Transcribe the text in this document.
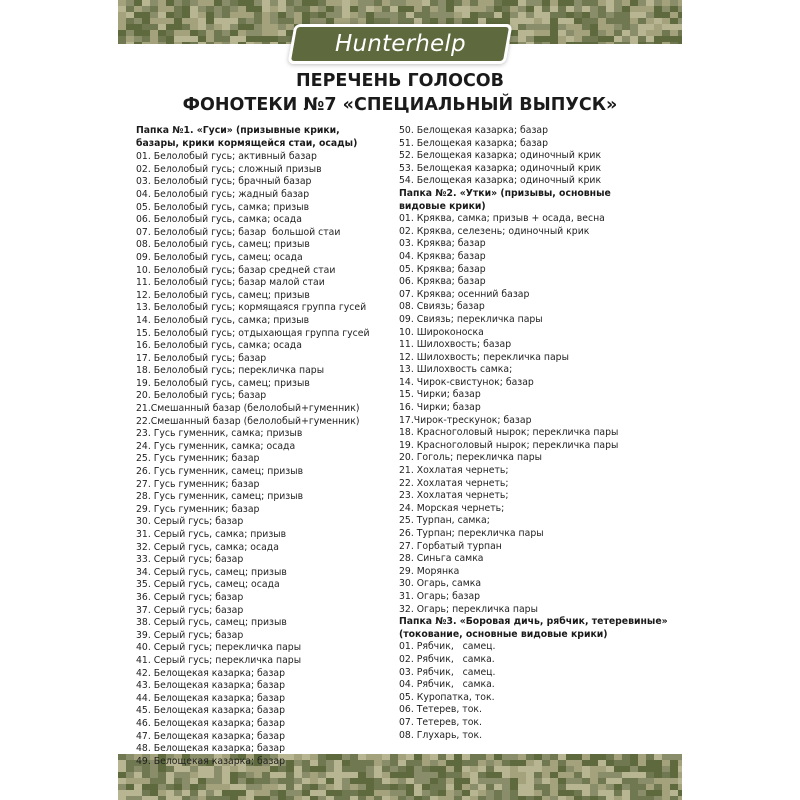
Hunterhelp
ПЕРЕЧЕНЬ ГОЛОСОВ
ФОНОТЕКИ №7 «СПЕЦИАЛЬНЫЙ ВЫПУСК»
Папка №1. «Гуси» (призывные крики,
базары, крики кормящейся стаи, осады)
01. Белолобый гусь; активный базар
02. Белолобый гусь; сложный призыв
03. Белолобый гусь; брачный базар
04. Белолобый гусь; жадный базар
05. Белолобый гусь, самка; призыв
06. Белолобый гусь, самка; осада
07. Белолобый гусь; базар  большой стаи
08. Белолобый гусь, самец; призыв
09. Белолобый гусь, самец; осада
10. Белолобый гусь; базар средней стаи
11. Белолобый гусь; базар малой стаи
12. Белолобый гусь, самец; призыв
13. Белолобый гусь; кормящаяся группа гусей
14. Белолобый гусь, самка; призыв
15. Белолобый гусь; отдыхающая группа гусей
16. Белолобый гусь, самка; осада
17. Белолобый гусь; базар
18. Белолобый гусь; перекличка пары
19. Белолобый гусь, самец; призыв
20. Белолобый гусь; базар
21.Смешанный базар (белолобый+гуменник)
22.Смешанный базар (белолобый+гуменник)
23. Гусь гуменник, самка; призыв
24. Гусь гуменник, самка; осада
25. Гусь гуменник; базар
26. Гусь гуменник, самец; призыв
27. Гусь гуменник; базар
28. Гусь гуменник, самец; призыв
29. Гусь гуменник; базар
30. Серый гусь; базар
31. Серый гусь, самка; призыв
32. Серый гусь, самка; осада
33. Серый гусь; базар
34. Серый гусь, самец; призыв
35. Серый гусь, самец; осада
36. Серый гусь; базар
37. Серый гусь; базар
38. Серый гусь, самец; призыв
39. Серый гусь; базар
40. Серый гусь; перекличка пары
41. Серый гусь; перекличка пары
42. Белощекая казарка; базар
43. Белощекая казарка; базар
44. Белощекая казарка; базар
45. Белощекая казарка; базар
46. Белощекая казарка; базар
47. Белощекая казарка; базар
48. Белощекая казарка; базар
49. Белощекая казарка; базар
50. Белощекая казарка; базар
51. Белощекая казарка; базар
52. Белощекая казарка; одиночный крик
53. Белощекая казарка; одиночный крик
54. Белощекая казарка; одиночный крик
Папка №2. «Утки» (призывы, основные
видовые крики)
01. Кряква, самка; призыв + осада, весна
02. Кряква, селезень; одиночный крик
03. Кряква; базар
04. Кряква; базар
05. Кряква; базар
06. Кряква; базар
07. Кряква; осенний базар
08. Свиязь; базар
09. Свиязь; перекличка пары
10. Широконоска
11. Шилохвость; базар
12. Шилохвость; перекличка пары
13. Шилохвость самка;
14. Чирок-свистунок; базар
15. Чирки; базар
16. Чирки; базар
17.Чирок-трескунок; базар
18. Красноголовый нырок; перекличка пары
19. Красноголовый нырок; перекличка пары
20. Гоголь; перекличка пары
21. Хохлатая чернеть;
22. Хохлатая чернеть;
23. Хохлатая чернеть;
24. Морская чернеть;
25. Турпан, самка;
26. Турпан; перекличка пары
27. Горбатый турпан
28. Синьга самка
29. Морянка
30. Огарь, самка
31. Огарь; базар
32. Огарь; перекличка пары
Папка №3. «Боровая дичь, рябчик, тетеревиные»
(токование, основные видовые крики)
01. Рябчик,   самец.
02. Рябчик,   самка.
03. Рябчик,   самец.
04. Рябчик,   самка.
05. Куропатка, ток.
06. Тетерев, ток.
07. Тетерев, ток.
08. Глухарь, ток.
